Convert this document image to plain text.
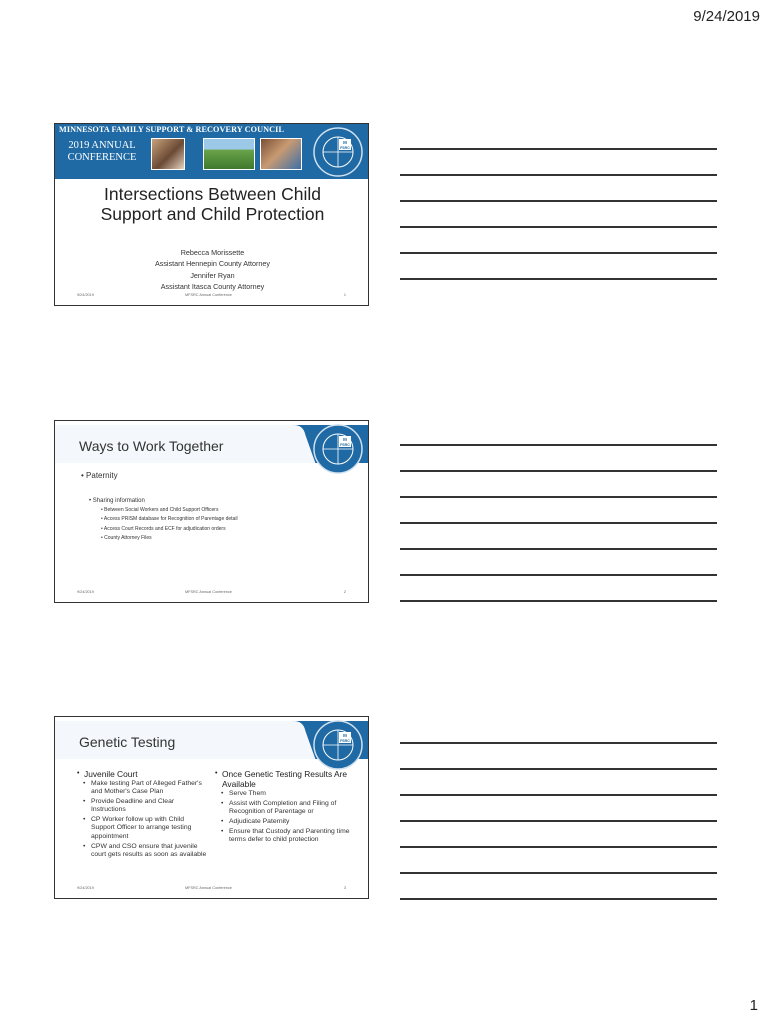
9/24/2019
MINNESOTA FAMILY SUPPORT & RECOVERY COUNCIL
2019 ANNUAL CONFERENCE
M
FSRC
Intersections Between Child Support and Child Protection
Rebecca Morissette
Assistant Hennepin County Attorney
Jennifer Ryan
Assistant Itasca County Attorney
9/24/2019	MFSRC Annual Conference	1
M
FSRC
Ways to Work Together
• Paternity
• Sharing information
• Between Social Workers and Child Support Officers
• Access PRISM database for Recognition of Parentage detail
• Access Court Records and ECF for adjudication orders
• County Attorney Files
9/24/2019	MFSRC Annual Conference	2
M
FSRC
Genetic Testing
• Juvenile Court
• Make testing Part of Alleged Father's and Mother's Case Plan
• Provide Deadline and Clear Instructions
• CP Worker follow up with Child Support Officer to arrange testing appointment
• CPW and CSO ensure that juvenile court gets results as soon as available
• Once Genetic Testing Results Are Available
• Serve Them
• Assist with Completion and Filing of Recognition of Parentage or
• Adjudicate Paternity
• Ensure that Custody and Parenting time terms defer to child protection
9/24/2019	MFSRC Annual Conference	3
1
